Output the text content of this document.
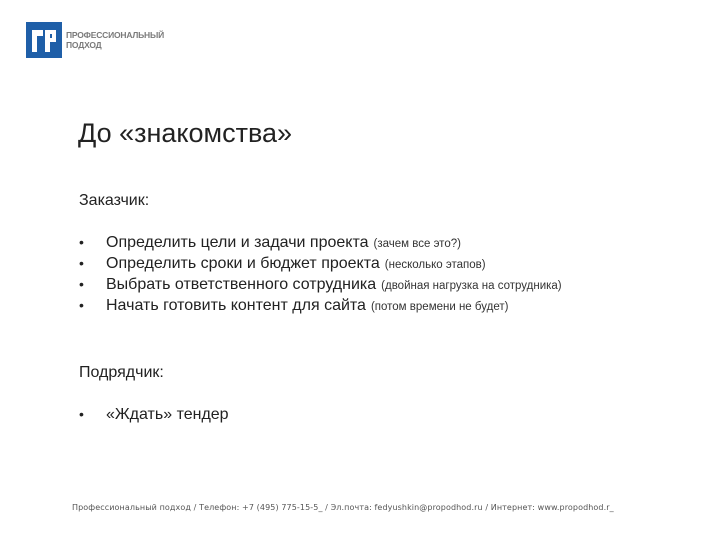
ПРОФЕССИОНАЛЬНЫЙ
ПОДХОД
До «знакомства»

Заказчик:

•	Определить цели и задачи проекта (зачем все это?)
•	Определить сроки и бюджет проекта (несколько этапов)
•	Выбрать ответственного сотрудника (двойная нагрузка на сотрудника)
•	Начать готовить контент для сайта (потом времени не будет)

Подрядчик:

•	«Ждать» тендер
Профессиональный подход / Телефон: +7 (495) 775-15-5_ / Эл.почта: fedyushkin@propodhod.ru / Интернет: www.propodhod.r_
